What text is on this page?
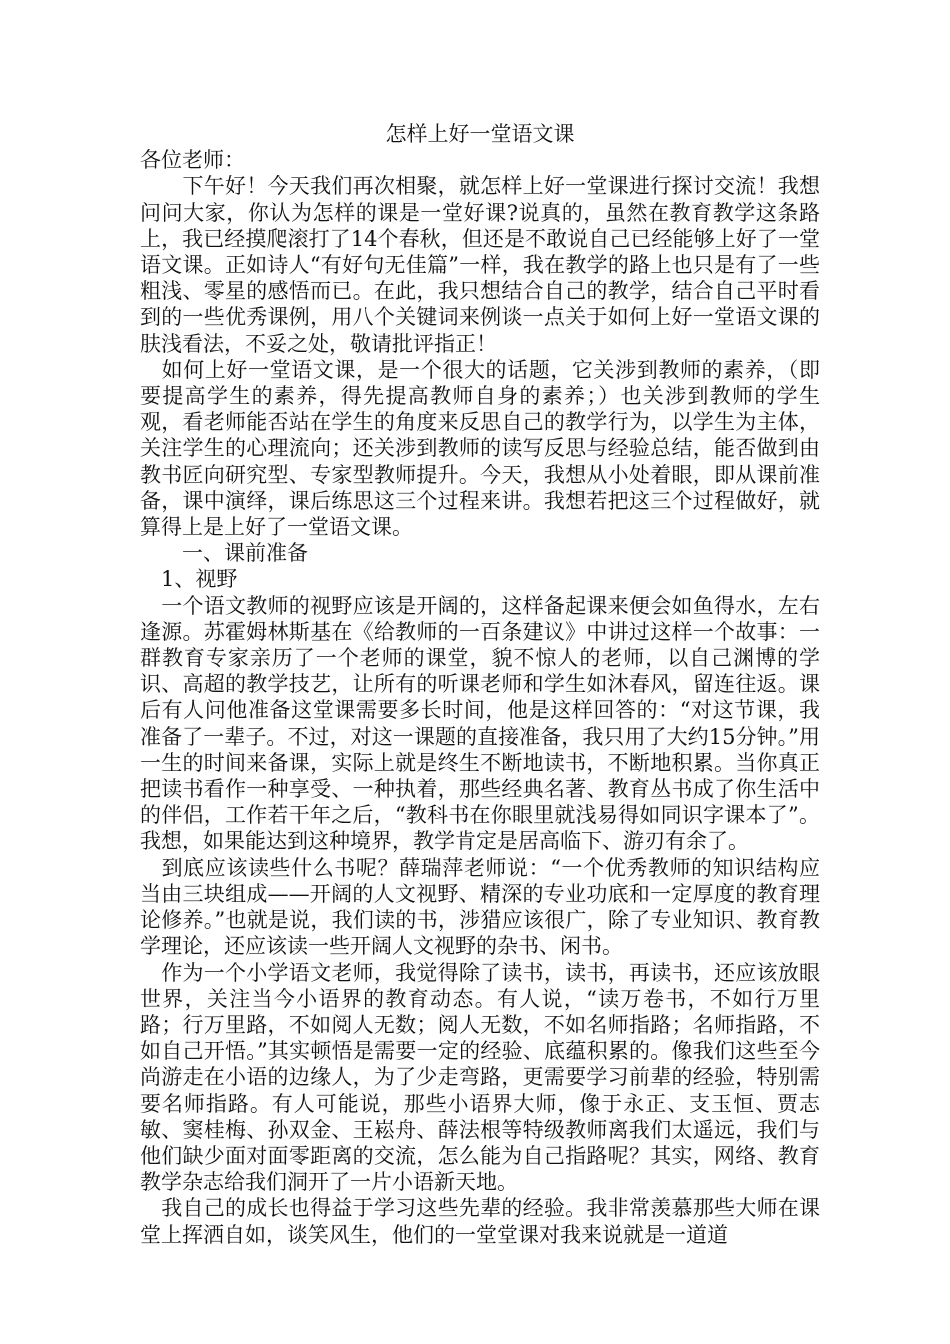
怎样上好一堂语文课

各位老师：

　　下午好！今天我们再次相聚，就怎样上好一堂课进行探讨交流！我想问问大家，你认为怎样的课是一堂好课?说真的，虽然在教育教学这条路上，我已经摸爬滚打了14个春秋，但还是不敢说自己已经能够上好了一堂语文课。正如诗人“有好句无佳篇”一样，我在教学的路上也只是有了一些粗浅、零星的感悟而已。在此，我只想结合自己的教学，结合自己平时看到的一些优秀课例，用八个关键词来例谈一点关于如何上好一堂语文课的肤浅看法，不妥之处，敬请批评指正！

　如何上好一堂语文课，是一个很大的话题，它关涉到教师的素养，（即要提高学生的素养，得先提高教师自身的素养；）也关涉到教师的学生观，看老师能否站在学生的角度来反思自己的教学行为，以学生为主体，关注学生的心理流向；还关涉到教师的读写反思与经验总结，能否做到由教书匠向研究型、专家型教师提升。今天，我想从小处着眼，即从课前准备，课中演绎，课后练思这三个过程来讲。我想若把这三个过程做好，就算得上是上好了一堂语文课。

　　一、课前准备

　1、视野

　一个语文教师的视野应该是开阔的，这样备起课来便会如鱼得水，左右逢源。苏霍姆林斯基在《给教师的一百条建议》中讲过这样一个故事：一群教育专家亲历了一个老师的课堂，貌不惊人的老师，以自己渊博的学识、高超的教学技艺，让所有的听课老师和学生如沐春风，留连往返。课后有人问他准备这堂课需要多长时间，他是这样回答的：“对这节课，我准备了一辈子。不过，对这一课题的直接准备，我只用了大约15分钟。”用一生的时间来备课，实际上就是终生不断地读书，不断地积累。当你真正把读书看作一种享受、一种执着，那些经典名著、教育丛书成了你生活中的伴侣，工作若干年之后，“教科书在你眼里就浅易得如同识字课本了”。我想，如果能达到这种境界，教学肯定是居高临下、游刃有余了。

　到底应该读些什么书呢？薛瑞萍老师说：“一个优秀教师的知识结构应当由三块组成——开阔的人文视野、精深的专业功底和一定厚度的教育理论修养。”也就是说，我们读的书，涉猎应该很广，除了专业知识、教育教学理论，还应该读一些开阔人文视野的杂书、闲书。

　作为一个小学语文老师，我觉得除了读书，读书，再读书，还应该放眼世界，关注当今小语界的教育动态。有人说，“读万卷书，不如行万里路；行万里路，不如阅人无数；阅人无数，不如名师指路；名师指路，不如自己开悟。”其实顿悟是需要一定的经验、底蕴积累的。像我们这些至今尚游走在小语的边缘人，为了少走弯路，更需要学习前辈的经验，特别需要名师指路。有人可能说，那些小语界大师，像于永正、支玉恒、贾志敏、窦桂梅、孙双金、王崧舟、薛法根等特级教师离我们太遥远，我们与他们缺少面对面零距离的交流，怎么能为自己指路呢？其实，网络、教育教学杂志给我们洞开了一片小语新天地。

　我自己的成长也得益于学习这些先辈的经验。我非常羡慕那些大师在课堂上挥洒自如，谈笑风生，他们的一堂堂课对我来说就是一道道
